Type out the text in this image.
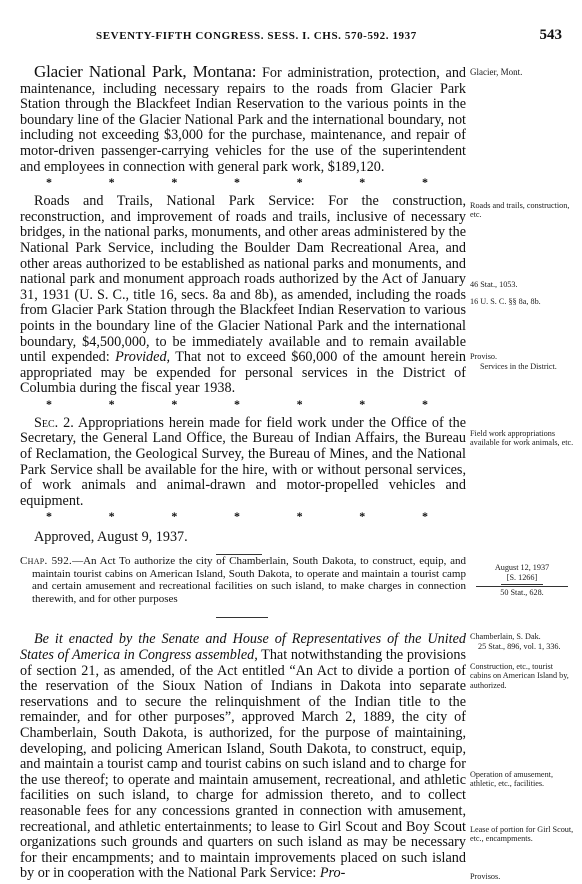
SEVENTY-FIFTH CONGRESS. SESS. I. CHS. 570-592. 1937	543

Glacier National Park, Montana: For administration, protection, and maintenance, including necessary repairs to the roads from Glacier Park Station through the Blackfeet Indian Reservation to the various points in the boundary line of the Glacier National Park and the international boundary, not including not exceeding $3,000 for the purchase, maintenance, and repair of motor-driven passenger-carrying vehicles for the use of the superintendent and employees in connection with general park work, $189,120.

*	*	*	*	*	*	*

Roads and Trails, National Park Service: For the construction, reconstruction, and improvement of roads and trails, inclusive of necessary bridges, in the national parks, monuments, and other areas administered by the National Park Service, including the Boulder Dam Recreational Area, and other areas authorized to be established as national parks and monuments, and national park and monument approach roads authorized by the Act of January 31, 1931 (U. S. C., title 16, secs. 8a and 8b), as amended, including the roads from Glacier Park Station through the Blackfeet Indian Reservation to various points in the boundary line of the Glacier National Park and the international boundary, $4,500,000, to be immediately available and to remain available until expended: Provided, That not to exceed $60,000 of the amount herein appropriated may be expended for personal services in the District of Columbia during the fiscal year 1938.

*	*	*	*	*	*	*

Sec. 2. Appropriations herein made for field work under the Office of the Secretary, the General Land Office, the Bureau of Indian Affairs, the Bureau of Reclamation, the Geological Survey, the Bureau of Mines, and the National Park Service shall be available for the hire, with or without personal services, of work animals and animal-drawn and motor-propelled vehicles and equipment.

*	*	*	*	*	*	*

Approved, August 9, 1937.

Chap. 592.—An Act To authorize the city of Chamberlain, South Dakota, to construct, equip, and maintain tourist cabins on American Island, South Dakota, to operate and maintain a tourist camp and certain amusement and recreational facilities on such island, to make charges in connection therewith, and for other purposes

Be it enacted by the Senate and House of Representatives of the United States of America in Congress assembled, That notwithstanding the provisions of section 21, as amended, of the Act entitled “An Act to divide a portion of the reservation of the Sioux Nation of Indians in Dakota into separate reservations and to secure the relinquishment of the Indian title to the remainder, and for other purposes”, approved March 2, 1889, the city of Chamberlain, South Dakota, is authorized, for the purpose of maintaining, developing, and policing American Island, South Dakota, to construct, equip, and maintain a tourist camp and tourist cabins on such island and to charge for the use thereof; to operate and maintain amusement, recreational, and athletic facilities on such island, to charge for admission thereto, and to collect reasonable fees for any concessions granted in connection with amusement, recreational, and athletic entertainments; to lease to Girl Scout and Boy Scout organizations such grounds and quarters on such island as may be necessary for their encampments; and to maintain improvements placed on such island by or in cooperation with the National Park Service: Pro-

Glacier, Mont.
Roads and trails, construction, etc.
46 Stat., 1053.
16 U. S. C. §§ 8a, 8b.
Proviso.
Services in the District.
Field work appropriations available for work animals, etc.
August 12, 1937
[S. 1266]
50 Stat., 628.
Chamberlain, S. Dak.
25 Stat., 896, vol. 1, 336.
Construction, etc., tourist cabins on American Island by, authorized.
Operation of amusement, athletic, etc., facilities.
Lease of portion for Girl Scout, etc., encampments.
Provisos.
